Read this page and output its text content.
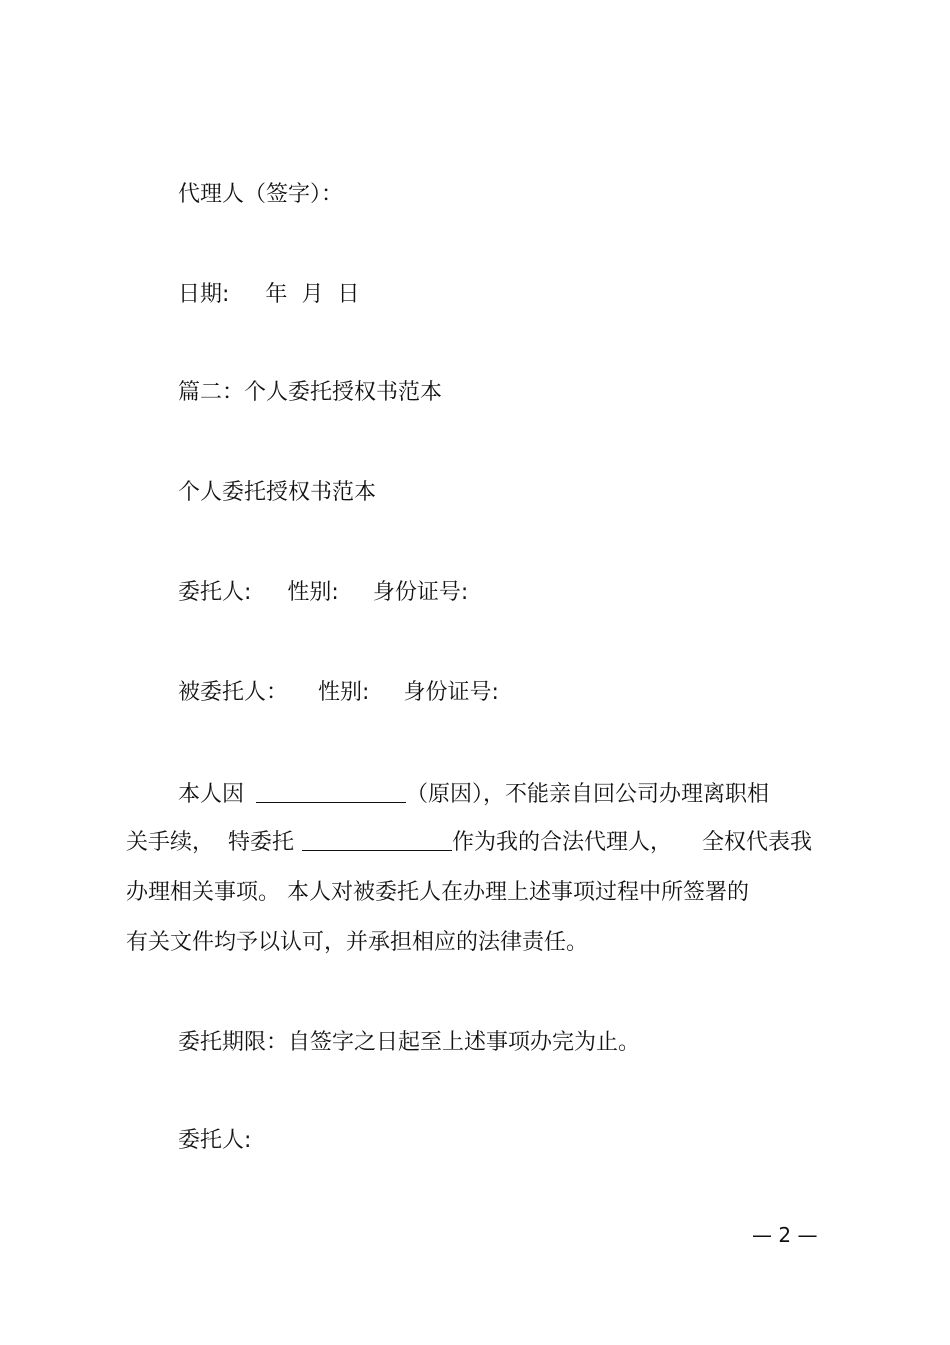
代理人（签字）：

日期: 年 月 日

篇二：个人委托授权书范本

个人委托授权书范本

委托人: 性别: 身份证号:

被委托人： 性别: 身份证号:

本人因	（原因），不能亲自回公司办理离职相

关手续，  特委托	作为我的合法代理人， 全权代表我

办理相关事项。 本人对被委托人在办理上述事项过程中所签署的

有关文件均予以认可，并承担相应的法律责任。

委托期限：自签字之日起至上述事项办完为止。

委托人:

— 2 —
